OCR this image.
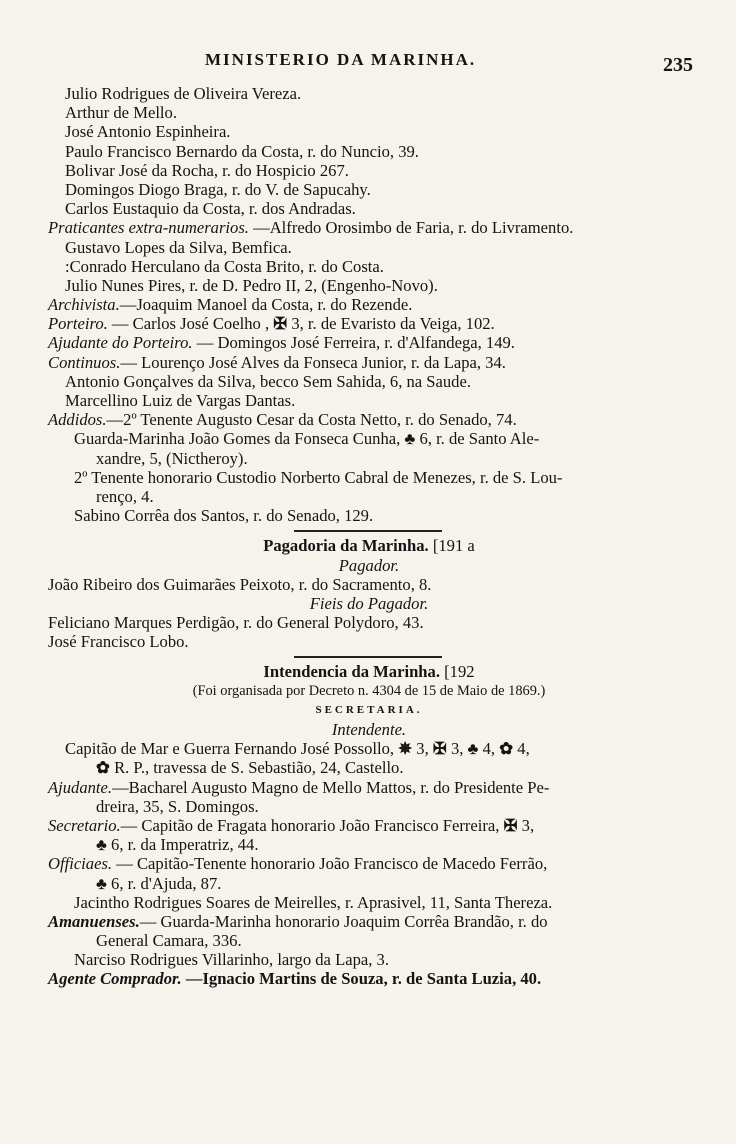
MINISTERIO DA MARINHA.	235
Julio Rodrigues de Oliveira Vereza.
Arthur de Mello.
José Antonio Espinheira.
Paulo Francisco Bernardo da Costa, r. do Nuncio, 39.
Bolivar José da Rocha, r. do Hospicio 267.
Domingos Diogo Braga, r. do V. de Sapucahy.
Carlos Eustaquio da Costa, r. dos Andradas.
Praticantes extra-numerarios. —Alfredo Orosimbo de Faria, r. do Livramento.
Gustavo Lopes da Silva, Bemfica.
:Conrado Herculano da Costa Brito, r. do Costa.
Julio Nunes Pires, r. de D. Pedro II, 2, (Engenho-Novo).
Archivista.—Joaquim Manoel da Costa, r. do Rezende.
Porteiro. — Carlos José Coelho , ✠ 3, r. de Evaristo da Veiga, 102.
Ajudante do Porteiro. — Domingos José Ferreira, r. d'Alfandega, 149.
Continuos.— Lourenço José Alves da Fonseca Junior, r. da Lapa, 34.
Antonio Gonçalves da Silva, becco Sem Sahida, 6, na Saude.
Marcellino Luiz de Vargas Dantas.
Addidos.—2º Tenente Augusto Cesar da Costa Netto, r. do Senado, 74.
Guarda-Marinha João Gomes da Fonseca Cunha, ♣ 6, r. de Santo Ale-
xandre, 5, (Nictheroy).
2º Tenente honorario Custodio Norberto Cabral de Menezes, r. de S. Lou-
renço, 4.
Sabino Corrêa dos Santos, r. do Senado, 129.
Pagadoria da Marinha. [191 a
Pagador.
João Ribeiro dos Guimarães Peixoto, r. do Sacramento, 8.
Fieis do Pagador.
Feliciano Marques Perdigão, r. do General Polydoro, 43.
José Francisco Lobo.
Intendencia da Marinha. [192
(Foi organisada por Decreto n. 4304 de 15 de Maio de 1869.)
SECRETARIA.
Intendente.
Capitão de Mar e Guerra Fernando José Possollo, ✵ 3, ✠ 3, ♣ 4, ✿ 4,
✿ R. P., travessa de S. Sebastião, 24, Castello.
Ajudante.—Bacharel Augusto Magno de Mello Mattos, r. do Presidente Pe-
dreira, 35, S. Domingos.
Secretario.— Capitão de Fragata honorario João Francisco Ferreira, ✠ 3,
♣ 6, r. da Imperatriz, 44.
Officiaes. — Capitão-Tenente honorario João Francisco de Macedo Ferrão,
♣ 6, r. d'Ajuda, 87.
Jacintho Rodrigues Soares de Meirelles, r. Aprasivel, 11, Santa Thereza.
Amanuenses.— Guarda-Marinha honorario Joaquim Corrêa Brandão, r. do
General Camara, 336.
Narciso Rodrigues Villarinho, largo da Lapa, 3.
Agente Comprador. —Ignacio Martins de Souza, r. de Santa Luzia, 40.
